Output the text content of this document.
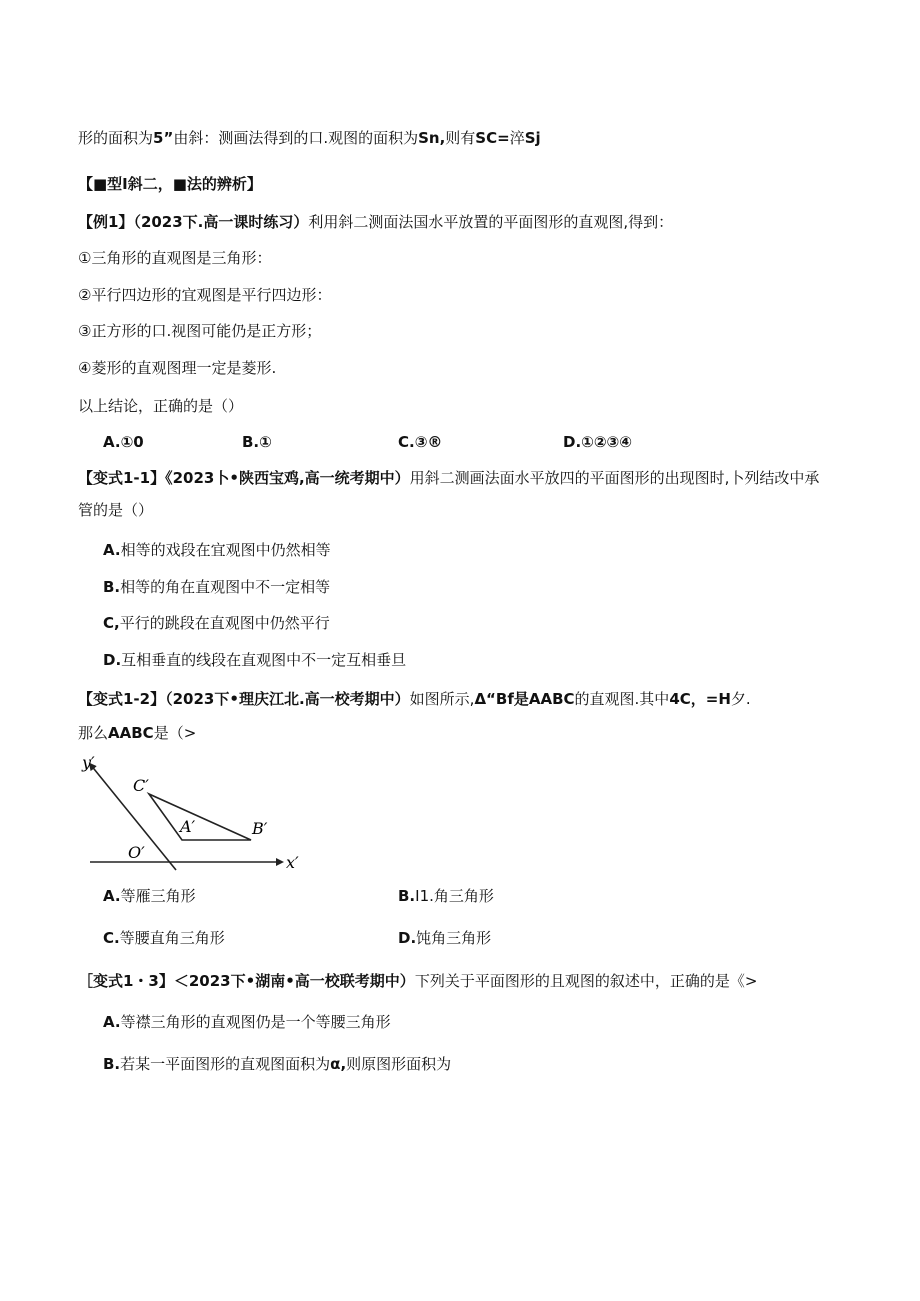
形的面积为5”由斜：测画法得到的口.观图的面积为Sn,则有SC=淬Sj
【■型I斜二，■法的辨析】
【例1】（2023下.高一课时练习）利用斜二测面法国水平放置的平面图形的直观图,得到：
①三角形的直观图是三角形：
②平行四边形的宜观图是平行四边形：
③正方形的口.视图可能仍是正方形；
④菱形的直观图理一定是菱形.
以上结论，正确的是（）
A.①0	B.①	C.③®	D.①②③④
【变式1-1】《2023卜•陕西宝鸡,高一统考期中）用斜二测画法面水平放四的平面图形的出现图时,卜列结改中承
管的是（）
A.相等的戏段在宜观图中仍然相等
B.相等的角在直观图中不一定相等
C,平行的跳段在直观图中仍然平行
D.互相垂直的线段在直观图中不一定互相垂旦
【变式1-2】（2023下•理庆江北.高一校考期中）如图所示,Δ“Bf是AABC的直观图.其中4C，=H夕.
那么AABC是（>
y′
x′
O′
A′	B′
C′
A.等雁三角形	B.I1.角三角形
C.等腰直角三角形	D.饨角三角形
［变式1・3】＜2023下•湖南•高一校联考期中）下列关于平面图形的且观图的叙述中，正确的是《>
A.等襟三角形的直观图仍是一个等腰三角形
B.若某一平面图形的直观图面积为α,则原图形面积为
